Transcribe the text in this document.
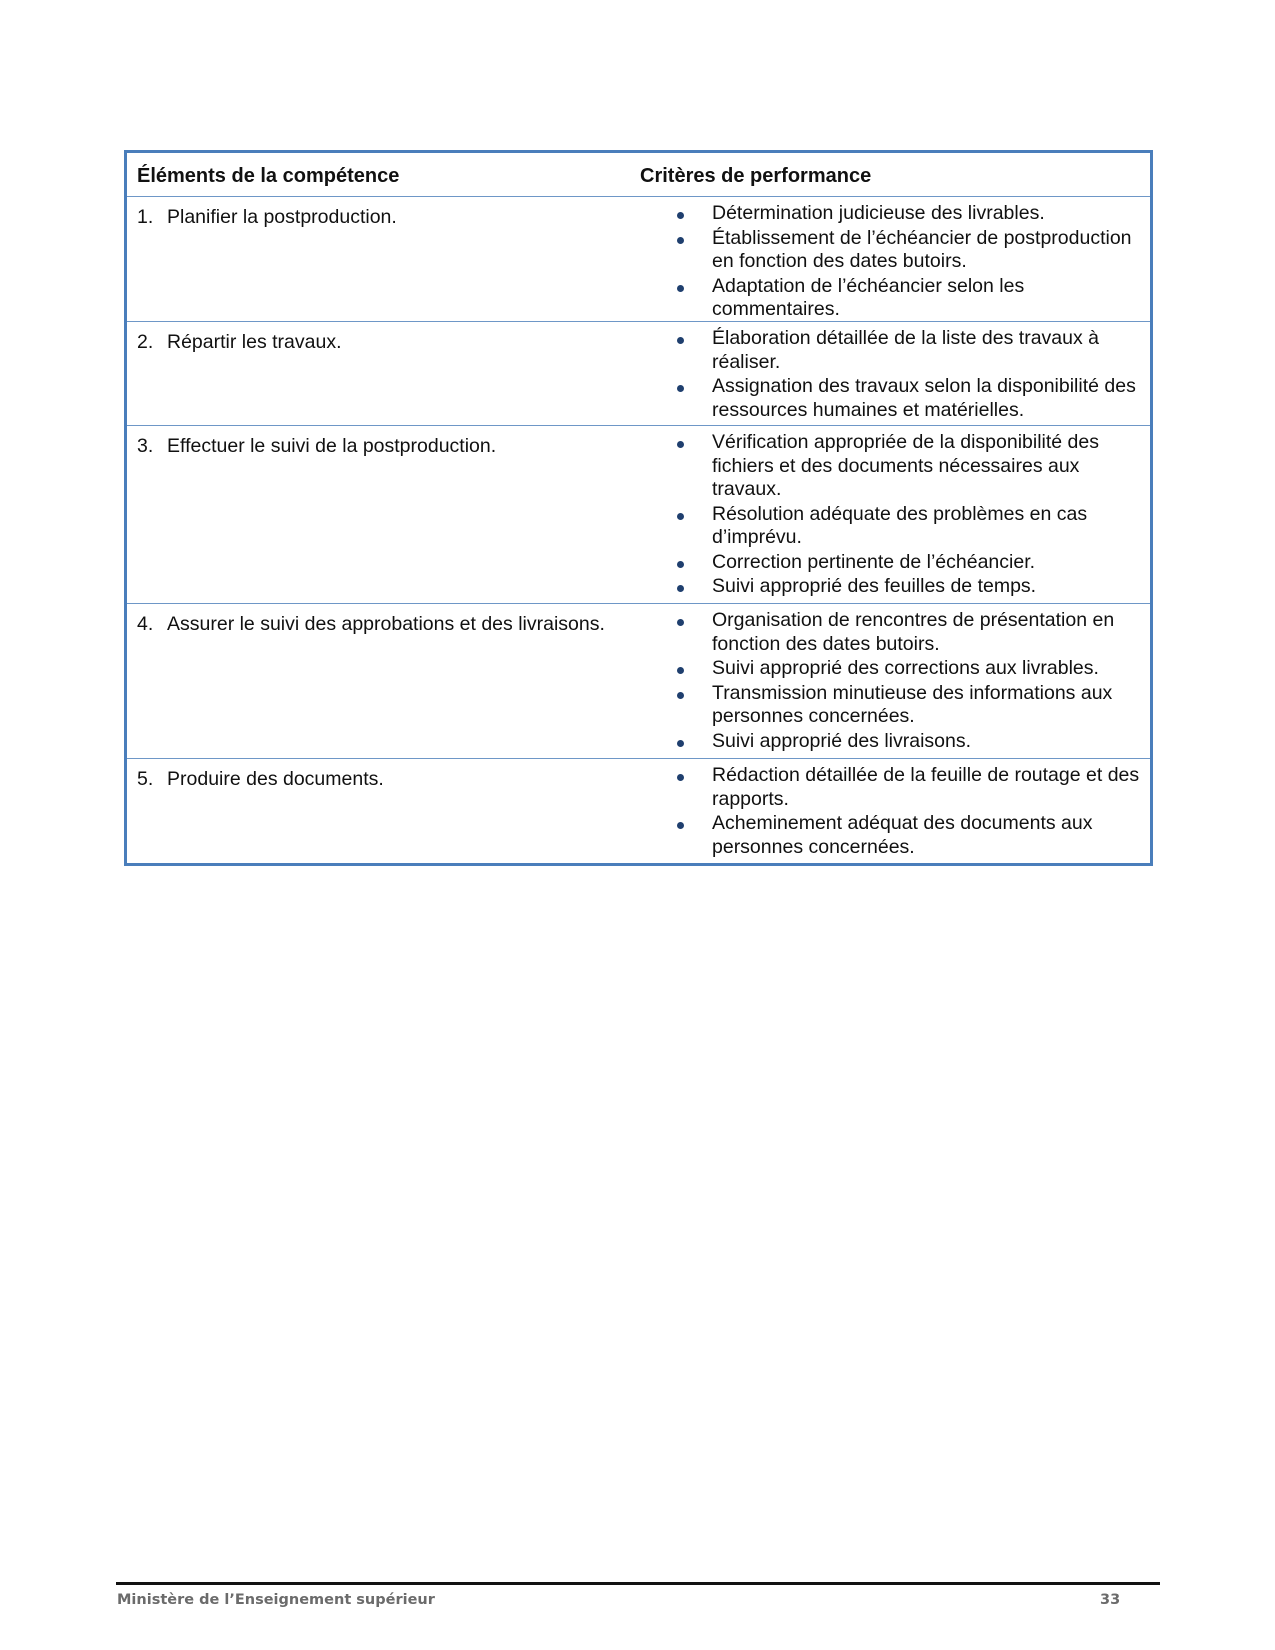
Éléments de la compétence	Critères de performance
1. Planifier la postproduction.	Détermination judicieuse des livrables.
Établissement de l’échéancier de postproduction en fonction des dates butoirs.
Adaptation de l’échéancier selon les commentaires.
2. Répartir les travaux.	Élaboration détaillée de la liste des travaux à réaliser.
Assignation des travaux selon la disponibilité des ressources humaines et matérielles.
3. Effectuer le suivi de la postproduction.	Vérification appropriée de la disponibilité des fichiers et des documents nécessaires aux travaux.
Résolution adéquate des problèmes en cas d’imprévu.
Correction pertinente de l’échéancier.
Suivi approprié des feuilles de temps.
4. Assurer le suivi des approbations et des livraisons.	Organisation de rencontres de présentation en fonction des dates butoirs.
Suivi approprié des corrections aux livrables.
Transmission minutieuse des informations aux personnes concernées.
Suivi approprié des livraisons.
5. Produire des documents.	Rédaction détaillée de la feuille de routage et des rapports.
Acheminement adéquat des documents aux personnes concernées.
Ministère de l’Enseignement supérieur	33
